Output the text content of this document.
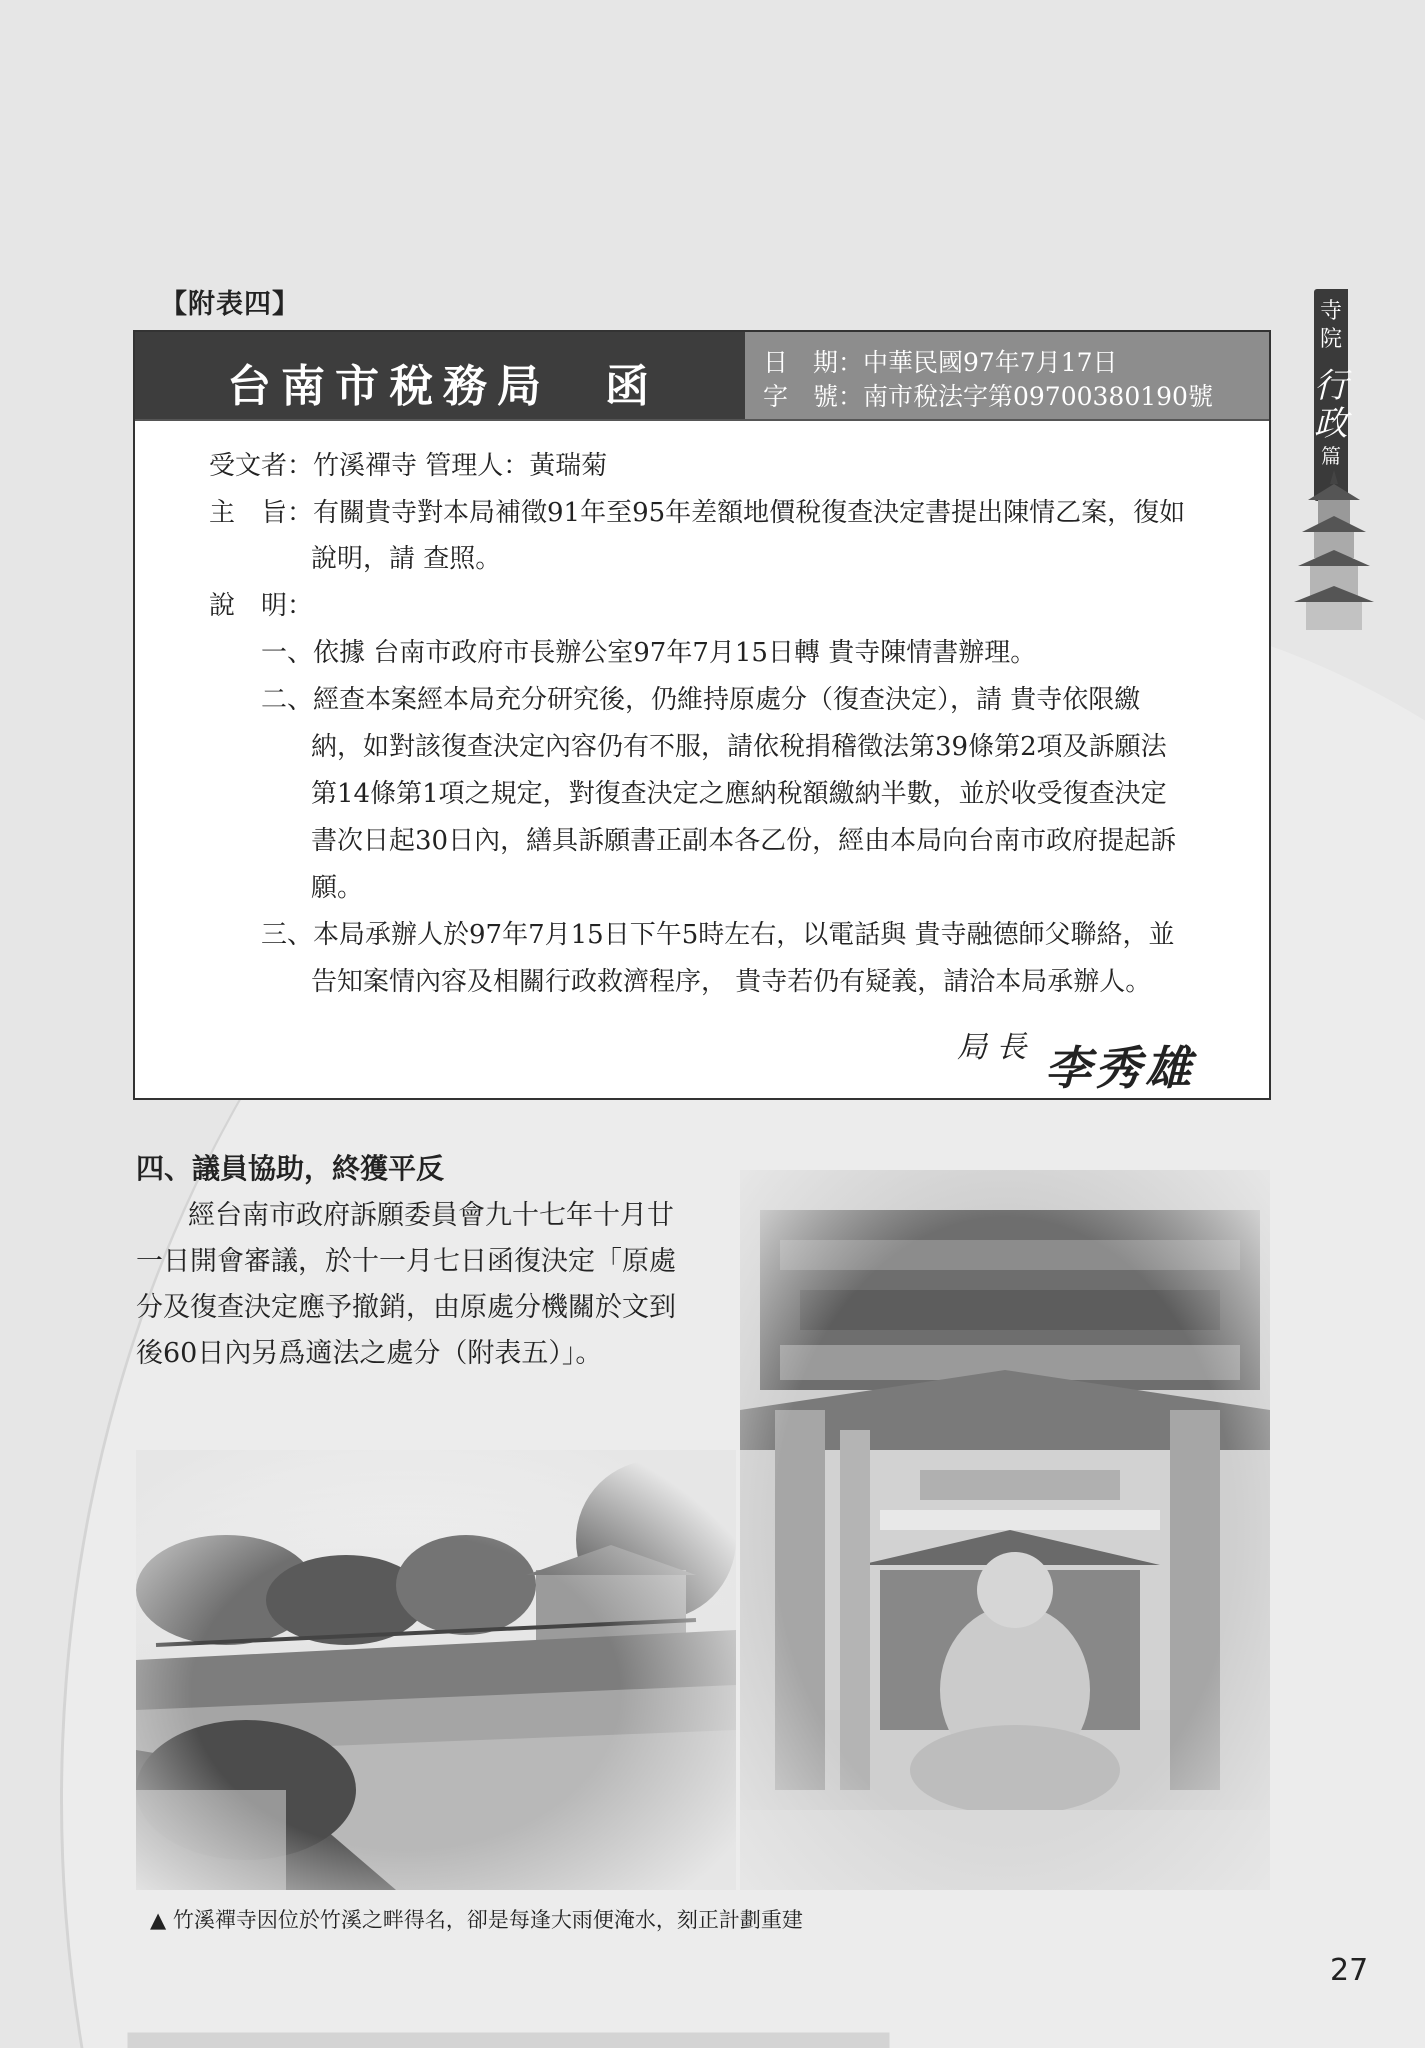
寺
院
行
政
篇
【附表四】
台南市稅務局　函	日　期：中華民國97年7月17日
字　號：南市稅法字第09700380190號
受文者：竹溪禪寺 管理人：黃瑞菊
主　旨：有關貴寺對本局補徵91年至95年差額地價稅復查決定書提出陳情乙案，復如
說明，請 查照。
說　明：
一、依據 台南市政府市長辦公室97年7月15日轉 貴寺陳情書辦理。
二、經查本案經本局充分研究後，仍維持原處分（復查決定），請 貴寺依限繳
納，如對該復查決定內容仍有不服，請依稅捐稽徵法第39條第2項及訴願法
第14條第1項之規定，對復查決定之應納稅額繳納半數，並於收受復查決定
書次日起30日內，繕具訴願書正副本各乙份，經由本局向台南市政府提起訴
願。
三、本局承辦人於97年7月15日下午5時左右，以電話與 貴寺融德師父聯絡，並
告知案情內容及相關行政救濟程序， 貴寺若仍有疑義，請洽本局承辦人。
局 長 李秀雄
四、議員協助，終獲平反
經台南市政府訴願委員會九十七年十月廿
一日開會審議，於十一月七日函復決定「原處
分及復查決定應予撤銷，由原處分機關於文到
後60日內另爲適法之處分（附表五）」。
▲ 竹溪禪寺因位於竹溪之畔得名，卻是每逢大雨便淹水，刻正計劃重建
27
